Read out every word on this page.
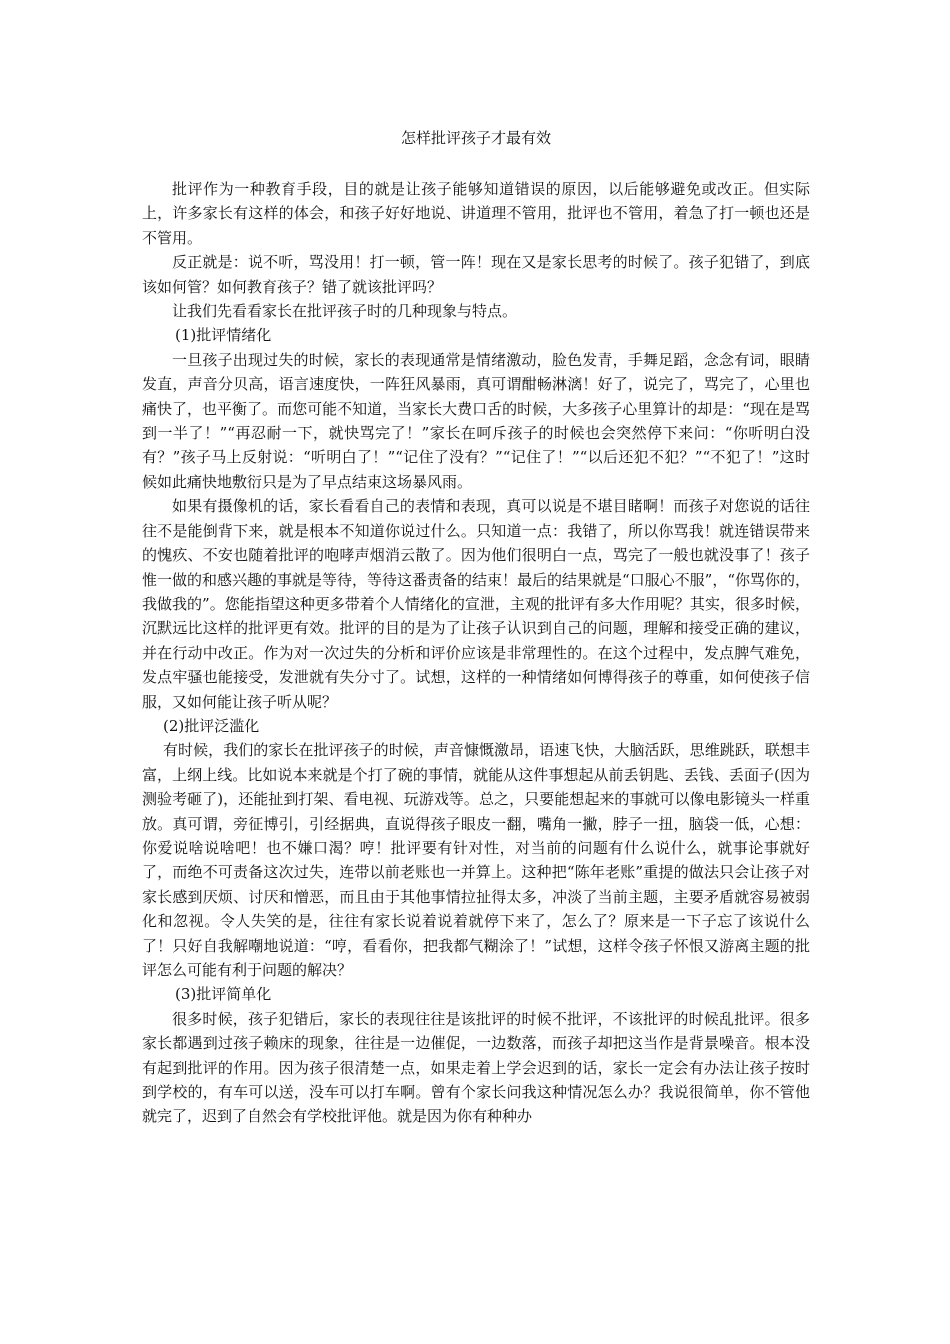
怎样批评孩子才最有效

批评作为一种教育手段，目的就是让孩子能够知道错误的原因，以后能够避免或改正。但实际上，许多家长有这样的体会，和孩子好好地说、讲道理不管用，批评也不管用，着急了打一顿也还是不管用。

反正就是：说不听，骂没用！打一顿，管一阵！现在又是家长思考的时候了。孩子犯错了，到底该如何管？如何教育孩子？错了就该批评吗？

让我们先看看家长在批评孩子时的几种现象与特点。

(1)批评情绪化

一旦孩子出现过失的时候，家长的表现通常是情绪激动，脸色发青，手舞足蹈，念念有词，眼睛发直，声音分贝高，语言速度快，一阵狂风暴雨，真可谓酣畅淋漓！好了，说完了，骂完了，心里也痛快了，也平衡了。而您可能不知道，当家长大费口舌的时候，大多孩子心里算计的却是：“现在是骂到一半了！”“再忍耐一下，就快骂完了！”家长在呵斥孩子的时候也会突然停下来问：“你听明白没有？”孩子马上反射说：“听明白了！”“记住了没有？”“记住了！”“以后还犯不犯？”“不犯了！”这时候如此痛快地敷衍只是为了早点结束这场暴风雨。

如果有摄像机的话，家长看看自己的表情和表现，真可以说是不堪目睹啊！而孩子对您说的话往往不是能倒背下来，就是根本不知道你说过什么。只知道一点：我错了，所以你骂我！就连错误带来的愧疚、不安也随着批评的咆哮声烟消云散了。因为他们很明白一点，骂完了一般也就没事了！孩子惟一做的和感兴趣的事就是等待，等待这番责备的结束！最后的结果就是“口服心不服”，“你骂你的，我做我的”。您能指望这种更多带着个人情绪化的宣泄，主观的批评有多大作用呢？其实，很多时候，沉默远比这样的批评更有效。批评的目的是为了让孩子认识到自己的问题，理解和接受正确的建议，并在行动中改正。作为对一次过失的分析和评价应该是非常理性的。在这个过程中，发点脾气难免，发点牢骚也能接受，发泄就有失分寸了。试想，这样的一种情绪如何博得孩子的尊重，如何使孩子信服，又如何能让孩子听从呢？

(2)批评泛滥化

有时候，我们的家长在批评孩子的时候，声音慷慨激昂，语速飞快，大脑活跃，思维跳跃，联想丰富，上纲上线。比如说本来就是个打了碗的事情，就能从这件事想起从前丢钥匙、丢钱、丢面子(因为测验考砸了)，还能扯到打架、看电视、玩游戏等。总之，只要能想起来的事就可以像电影镜头一样重放。真可谓，旁征博引，引经据典，直说得孩子眼皮一翻，嘴角一撇，脖子一扭，脑袋一低，心想：你爱说啥说啥吧！也不嫌口渴？哼！批评要有针对性，对当前的问题有什么说什么，就事论事就好了，而绝不可责备这次过失，连带以前老账也一并算上。这种把“陈年老账”重提的做法只会让孩子对家长感到厌烦、讨厌和憎恶，而且由于其他事情拉扯得太多，冲淡了当前主题，主要矛盾就容易被弱化和忽视。令人失笑的是，往往有家长说着说着就停下来了，怎么了？原来是一下子忘了该说什么了！只好自我解嘲地说道：“哼，看看你，把我都气糊涂了！”试想，这样令孩子怀恨又游离主题的批评怎么可能有利于问题的解决？

(3)批评简单化

很多时候，孩子犯错后，家长的表现往往是该批评的时候不批评，不该批评的时候乱批评。很多家长都遇到过孩子赖床的现象，往往是一边催促，一边数落，而孩子却把这当作是背景噪音。根本没有起到批评的作用。因为孩子很清楚一点，如果走着上学会迟到的话，家长一定会有办法让孩子按时到学校的，有车可以送，没车可以打车啊。曾有个家长问我这种情况怎么办？我说很简单，你不管他就完了，迟到了自然会有学校批评他。就是因为你有种种办
